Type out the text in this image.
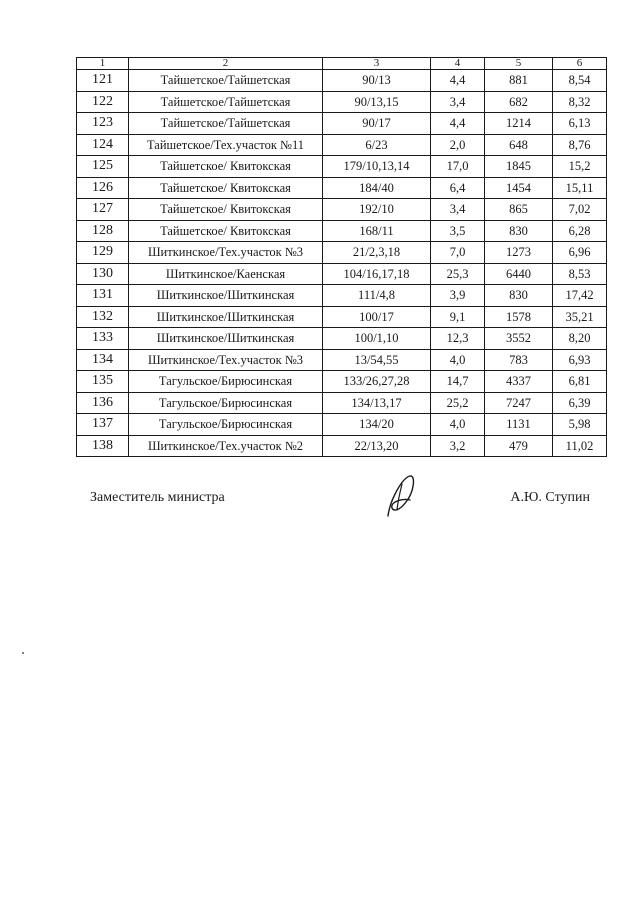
1	2	3	4	5	6
121	Тайшетское/Тайшетская	90/13	4,4	881	8,54
122	Тайшетское/Тайшетская	90/13,15	3,4	682	8,32
123	Тайшетское/Тайшетская	90/17	4,4	1214	6,13
124	Тайшетское/Тех.участок №11	6/23	2,0	648	8,76
125	Тайшетское/ Квитокская	179/10,13,14	17,0	1845	15,2
126	Тайшетское/ Квитокская	184/40	6,4	1454	15,11
127	Тайшетское/ Квитокская	192/10	3,4	865	7,02
128	Тайшетское/ Квитокская	168/11	3,5	830	6,28
129	Шиткинское/Тех.участок №3	21/2,3,18	7,0	1273	6,96
130	Шиткинское/Каенская	104/16,17,18	25,3	6440	8,53
131	Шиткинское/Шиткинская	111/4,8	3,9	830	17,42
132	Шиткинское/Шиткинская	100/17	9,1	1578	35,21
133	Шиткинское/Шиткинская	100/1,10	12,3	3552	8,20
134	Шиткинское/Тех.участок №3	13/54,55	4,0	783	6,93
135	Тагульское/Бирюсинская	133/26,27,28	14,7	4337	6,81
136	Тагульское/Бирюсинская	134/13,17	25,2	7247	6,39
137	Тагульское/Бирюсинская	134/20	4,0	1131	5,98
138	Шиткинское/Тех.участок №2	22/13,20	3,2	479	11,02
Заместитель министра	А.Ю. Ступин
